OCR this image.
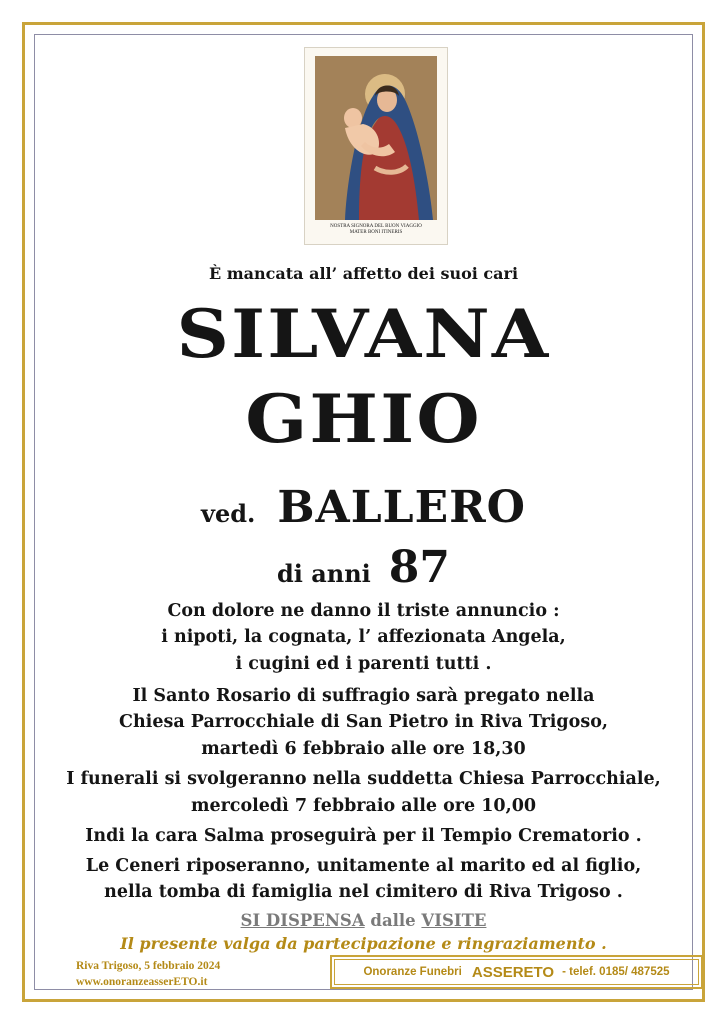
NOSTRA SIGNORA DEL BUON VIAGGIO
MATER BONI ITINERIS
È mancata all’ affetto dei suoi cari
SILVANA
GHIO
ved. BALLERO
di anni 87
Con dolore ne danno il triste annuncio :
i nipoti, la cognata, l’ affezionata Angela,
i cugini ed i parenti tutti .
Il Santo Rosario di suffragio sarà pregato nella
Chiesa Parrocchiale di San Pietro in Riva Trigoso,
martedì 6 febbraio alle ore 18,30
I funerali si svolgeranno nella suddetta Chiesa Parrocchiale,
mercoledì 7 febbraio alle ore 10,00
Indi la cara Salma proseguirà per il Tempio Crematorio .
Le Ceneri riposeranno, unitamente al marito ed al figlio,
nella tomba di famiglia nel cimitero di Riva Trigoso .
SI DISPENSA dalle VISITE
Il presente valga da partecipazione e ringraziamento .
Riva Trigoso, 5 febbraio 2024
www.onoranzeasserETO.it
Onoranze Funebri ASSERETO - telef. 0185/ 487525
